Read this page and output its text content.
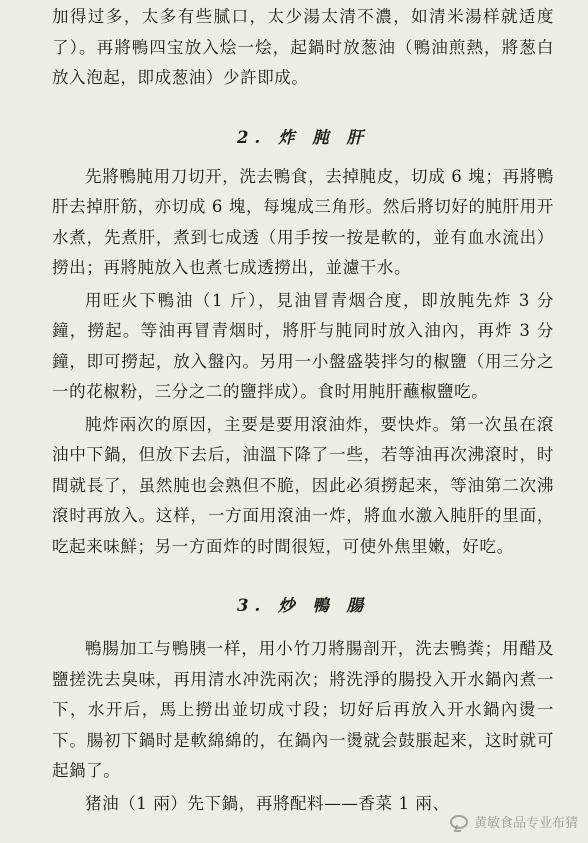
加得过多，太多有些腻口，太少湯太清不濃，如清米湯样就适度了）。再將鴨四宝放入烩一烩，起鍋时放葱油（鴨油煎熱，將葱白放入泡起，即成葱油）少許即成。

2. 炸 肫 肝

先將鴨肫用刀切开，洗去鴨食，去掉肫皮，切成 6 塊；再將鴨肝去掉肝筋，亦切成 6 塊，每塊成三角形。然后將切好的肫肝用开水煮，先煮肝，煮到七成透（用手按一按是軟的，並有血水流出）撈出；再將肫放入也煮七成透撈出，並濾干水。

用旺火下鴨油（1 斤），見油冒青烟合度，即放肫先炸 3 分鐘，撈起。等油再冒青烟时，將肝与肫同时放入油內，再炸 3 分鐘，即可撈起，放入盤內。另用一小盤盛裝拌匀的椒鹽（用三分之一的花椒粉，三分之二的鹽拌成）。食时用肫肝蘸椒鹽吃。

肫炸兩次的原因，主要是要用滾油炸，要快炸。第一次虽在滾油中下鍋，但放下去后，油溫下降了一些，若等油再次沸滾时，时間就長了，虽然肫也会熟但不脆，因此必須撈起来，等油第二次沸滾时再放入。这样，一方面用滾油一炸，將血水激入肫肝的里面，吃起来味鮮；另一方面炸的时間很短，可使外焦里嫩，好吃。

3. 炒 鴨 腸

鴨腸加工与鴨胰一样，用小竹刀將腸剖开，洗去鴨粪；用醋及鹽搓洗去臭味，再用清水冲洗兩次；將洗淨的腸投入开水鍋內煮一下，水开后，馬上撈出並切成寸段；切好后再放入开水鍋內燙一下。腸初下鍋时是軟綿綿的，在鍋內一燙就会鼓脹起来，这时就可起鍋了。

猪油（1 兩）先下鍋，再將配料——香菜 1 兩、

黄敏食品专业布猜
